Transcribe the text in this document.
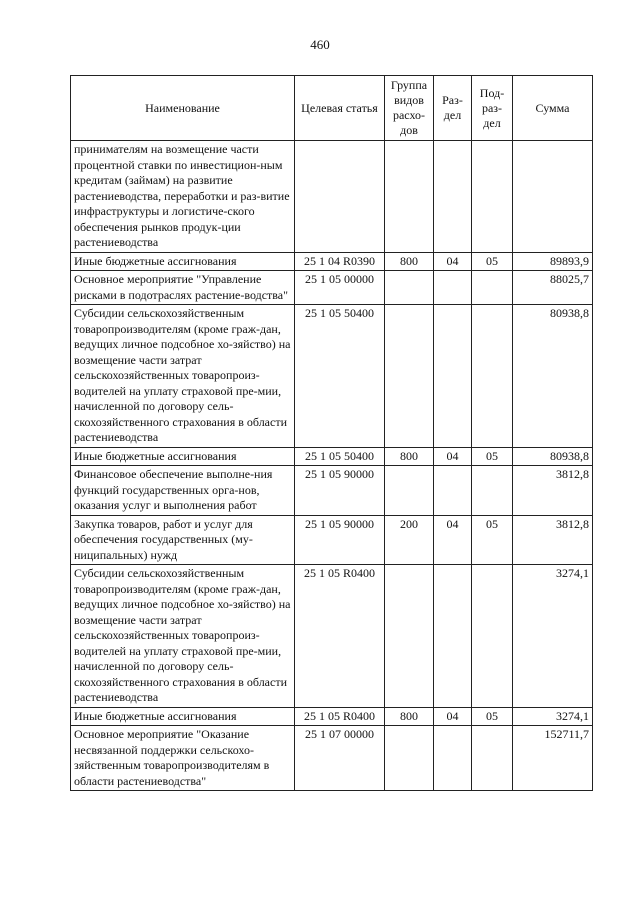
460
Наименование	Целевая статья	Группа видов расхо- дов	Раз- дел	Под- раз- дел	Сумма
принимателям на возмещение части процентной ставки по инвестицион-ным кредитам (займам) на развитие растениеводства, переработки и раз-витие инфраструктуры и логистиче-ского обеспечения рынков продук-ции растениеводства					
Иные бюджетные ассигнования	25 1 04 R0390	800	04	05	89893,9
Основное мероприятие "Управление рисками в подотраслях растение-водства"	25 1 05 00000				88025,7
Субсидии сельскохозяйственным товаропроизводителям (кроме граж-дан, ведущих личное подсобное хо-зяйство) на возмещение части затрат сельскохозяйственных товаропроиз-водителей на уплату страховой пре-мии, начисленной по договору сель-скохозяйственного страхования в области растениеводства	25 1 05 50400				80938,8
Иные бюджетные ассигнования	25 1 05 50400	800	04	05	80938,8
Финансовое обеспечение выполне-ния функций государственных орга-нов, оказания услуг и выполнения работ	25 1 05 90000				3812,8
Закупка товаров, работ и услуг для обеспечения государственных (му-ниципальных) нужд	25 1 05 90000	200	04	05	3812,8
Субсидии сельскохозяйственным товаропроизводителям (кроме граж-дан, ведущих личное подсобное хо-зяйство) на возмещение части затрат сельскохозяйственных товаропроиз-водителей на уплату страховой пре-мии, начисленной по договору сель-скохозяйственного страхования в области растениеводства	25 1 05 R0400				3274,1
Иные бюджетные ассигнования	25 1 05 R0400	800	04	05	3274,1
Основное мероприятие "Оказание несвязанной поддержки сельскохо-зяйственным товаропроизводителям в области растениеводства"	25 1 07 00000				152711,7
